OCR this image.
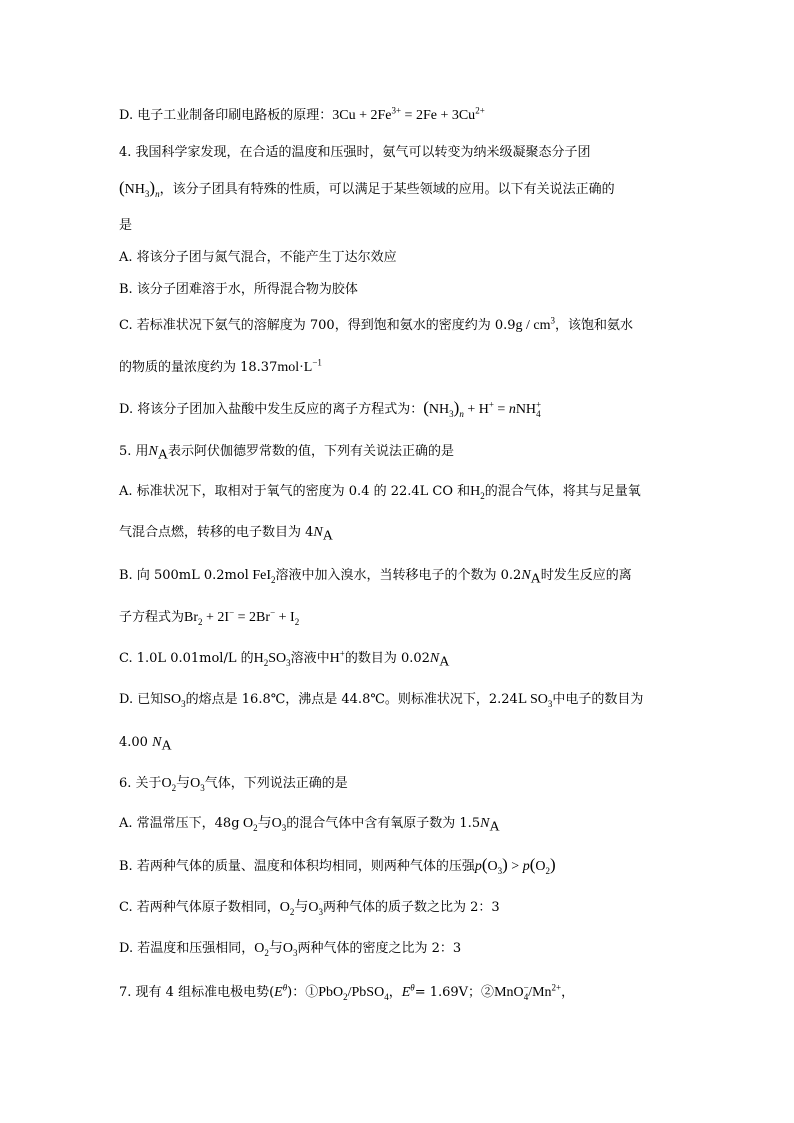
D. 电子工业制备印刷电路板的原理：$3Cu + 2Fe^{3+} = 2Fe + 3Cu^{2+}$
4. 我国科学家发现，在合适的温度和压强时，氨气可以转变为纳米级凝聚态分子团
$(NH_3)_n$，该分子团具有特殊的性质，可以满足于某些领域的应用。以下有关说法正确的
是
A. 将该分子团与氮气混合，不能产生丁达尔效应
B. 该分子团难溶于水，所得混合物为胶体
C. 若标准状况下氨气的溶解度为 700，得到饱和氨水的密度约为 $0.9g / cm^3$，该饱和氨水
的物质的量浓度约为 $18.37mol\cdot L^{-1}$
D. 将该分子团加入盐酸中发生反应的离子方程式为：$(NH_3)_n + H^+ = nNH^+_4$
5. 用$N_A$表示阿伏伽德罗常数的值，下列有关说法正确的是
A. 标准状况下，取相对于氧气的密度为 0.4 的 22.4L CO 和$H_2$的混合气体，将其与足量氧
气混合点燃，转移的电子数目为 $4N_A$
B. 向 500mL 0.2mol FeI$_2$溶液中加入溴水，当转移电子的个数为 $0.2N_A$时发生反应的离
子方程式为$Br_2 + 2I^- = 2Br^- + I_2$
C. 1.0L 0.01mol/L 的$H_2SO_3$溶液中H+的数目为 $0.02N_A$
D. 已知$SO_3$的熔点是 16.8℃，沸点是 44.8℃。则标准状况下，2.24L $SO_3$中电子的数目为
4.00 $N_A$
6. 关于$O_2$与$O_3$气体，下列说法正确的是
A. 常温常压下，48g $O_2$与$O_3$的混合气体中含有氧原子数为 $1.5N_A$
B. 若两种气体的质量、温度和体积均相同，则两种气体的压强$p(O_3) > p(O_2)$
C. 若两种气体原子数相同，$O_2$与$O_3$两种气体的质子数之比为 2：3
D. 若温度和压强相同，$O_2$与$O_3$两种气体的密度之比为 2：3
7. 现有 4 组标准电极电势$(E^\theta)$：①PbO$_2$/PbSO$_4$，$E^\theta= 1.69V$；$②MnO^-_4/Mn^{2+}$，
